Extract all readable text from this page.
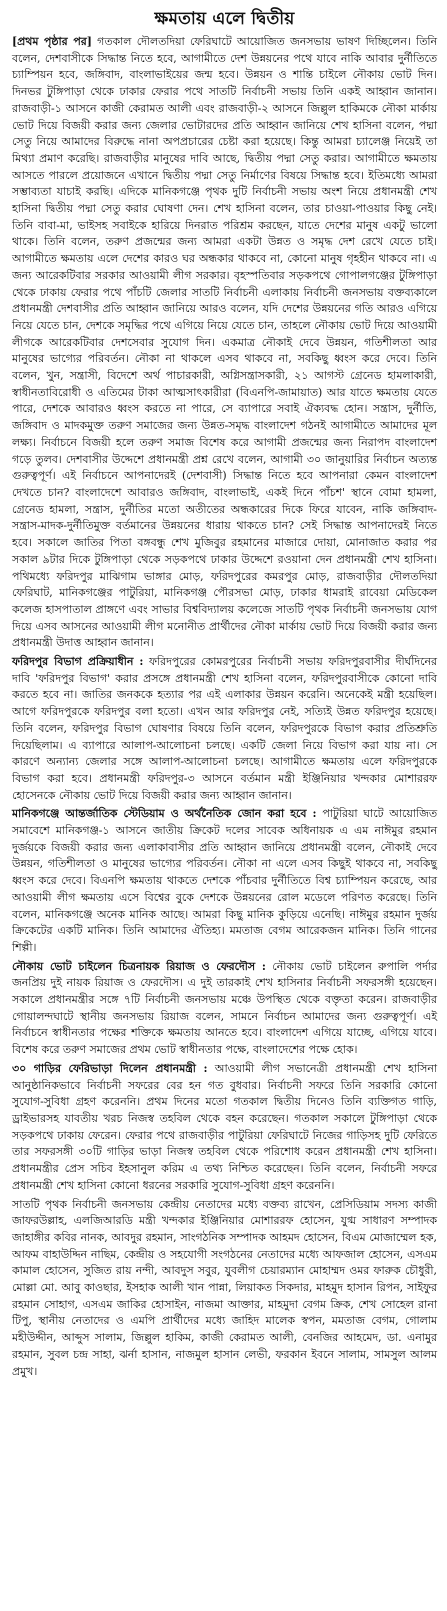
ক্ষমতায় এলে দ্বিতীয়

[প্রথম পৃষ্ঠার পর] গতকাল দৌলতদিয়া ফেরিঘাটে আয়োজিত জনসভায় ভাষণ দিচ্ছিলেন। তিনি বলেন, দেশবাসীকে সিদ্ধান্ত নিতে হবে, আগামীতে দেশ উন্নয়নের পথে যাবে নাকি আবার দুর্নীতিতে চ্যাম্পিয়ন হবে, জঙ্গিবাদ, বাংলাভাইয়ের জন্ম হবে। উন্নয়ন ও শান্তি চাইলে নৌকায় ভোট দিন। দিনভর টুঙ্গিপাড়া থেকে ঢাকার ফেরার পথে সাতটি নির্বাচনী সভায় তিনি একই আহ্বান জানান। রাজবাড়ী-১ আসনে কাজী কেরামত আলী এবং রাজবাড়ী-২ আসনে জিল্লুল হাকিমকে নৌকা মার্কায় ভোট দিয়ে বিজয়ী করার জন্য জেলার ভোটারদের প্রতি আহ্বান জানিয়ে শেখ হাসিনা বলেন, পদ্মা সেতু নিয়ে আমাদের বিরুদ্ধে নানা অপপ্রচারের চেষ্টা করা হয়েছে। কিন্তু আমরা চ্যালেঞ্জ নিয়েই তা মিথ্যা প্রমাণ করেছি। রাজবাড়ীর মানুষের দাবি আছে, দ্বিতীয় পদ্মা সেতু করার। আগামীতে ক্ষমতায় আসতে পারলে প্রয়োজনে এখানে দ্বিতীয় পদ্মা সেতু নির্মাণের বিষয়ে সিদ্ধান্ত হবে। ইতিমধ্যে আমরা সম্ভাব্যতা যাচাই করছি। এদিকে মানিকগঞ্জে পৃথক দুটি নির্বাচনী সভায় অংশ নিয়ে প্রধানমন্ত্রী শেখ হাসিনা দ্বিতীয় পদ্মা সেতু করার ঘোষণা দেন। শেখ হাসিনা বলেন, তার চাওয়া-পাওয়ার কিছু নেই। তিনি বাবা-মা, ভাইসহ সবাইকে হারিয়ে দিনরাত পরিশ্রম করছেন, যাতে দেশের মানুষ একটু ভালো থাকে। তিনি বলেন, তরুণ প্রজন্মের জন্য আমরা একটা উন্নত ও সমৃদ্ধ দেশ রেখে যেতে চাই। আগামীতে ক্ষমতায় এলে দেশের কারও ঘর অন্ধকার থাকবে না, কোনো মানুষ গৃহহীন থাকবে না। এ জন্য আরেকটিবার সরকার আওয়ামী লীগ সরকার। বৃহস্পতিবার সড়কপথে গোপালগঞ্জের টুঙ্গিপাড়া থেকে ঢাকায় ফেরার পথে পাঁচটি জেলার সাতটি নির্বাচনী এলাকায় নির্বাচনী জনসভায় বক্তব্যকালে প্রধানমন্ত্রী দেশবাসীর প্রতি আহ্বান জানিয়ে আরও বলেন, যদি দেশের উন্নয়নের গতি আরও এগিয়ে নিয়ে যেতে চান, দেশকে সমৃদ্ধির পথে এগিয়ে নিয়ে যেতে চান, তাহলে নৌকায় ভোট দিয়ে আওয়ামী লীগকে আরেকটিবার দেশসেবার সুযোগ দিন। একমাত্র নৌকাই দেবে উন্নয়ন, গতিশীলতা আর মানুষের ভাগ্যের পরিবর্তন। নৌকা না থাকলে এসব থাকবে না, সবকিছু ধ্বংস করে দেবে। তিনি বলেন, খুন, সন্ত্রাসী, বিদেশে অর্থ পাচারকারী, অগ্নিসন্ত্রাসকারী, ২১ আগস্ট গ্রেনেড হামলাকারী, স্বাধীনতাবিরোধী ও এতিমের টাকা আত্মসাৎকারীরা (বিএনপি-জামায়াত) আর যাতে ক্ষমতায় যেতে পারে, দেশকে আবারও ধ্বংস করতে না পারে, সে ব্যাপারে সবাই ঐক্যবদ্ধ হোন। সন্ত্রাস, দুর্নীতি, জঙ্গিবাদ ও মাদকমুক্ত তরুণ সমাজের জন্য উন্নত-সমৃদ্ধ বাংলাদেশ গঠনই আগামীতে আমাদের মূল লক্ষ্য। নির্বাচনে বিজয়ী হলে তরুণ সমাজ বিশেষ করে আগামী প্রজন্মের জন্য নিরাপদ বাংলাদেশ গড়ে তুলব। দেশবাসীর উদ্দেশে প্রধানমন্ত্রী প্রশ্ন রেখে বলেন, আগামী ৩০ জানুয়ারির নির্বাচন অত্যন্ত গুরুত্বপূর্ণ। এই নির্বাচনে আপনাদেরই (দেশবাসী) সিদ্ধান্ত নিতে হবে আপনারা কেমন বাংলাদেশ দেখতে চান? বাংলাদেশে আবারও জঙ্গিবাদ, বাংলাভাই, একই দিনে পাঁচশ' স্থানে বোমা হামলা, গ্রেনেড হামলা, সন্ত্রাস, দুর্নীতির মতো অতীতের অন্ধকারের দিকে ফিরে যাবেন, নাকি জঙ্গিবাদ-সন্ত্রাস-মাদক-দুর্নীতিমুক্ত বর্তমানের উন্নয়নের ধারায় থাকতে চান? সেই সিদ্ধান্ত আপনাদেরই নিতে হবে। সকালে জাতির পিতা বঙ্গবন্ধু শেখ মুজিবুর রহমানের মাজারে দোয়া, মোনাজাত করার পর সকাল ৯টার দিকে টুঙ্গিপাড়া থেকে সড়কপথে ঢাকার উদ্দেশে রওয়ানা দেন প্রধানমন্ত্রী শেখ হাসিনা। পথিমধ্যে ফরিদপুর মাঝিগাম ভাঙ্গার মোড়, ফরিদপুরের কমরপুর মোড়, রাজবাড়ীর দৌলতদিয়া ফেরিঘাট, মানিকগঞ্জের পাটুরিয়া, মানিকগঞ্জ পৌরসভা মোড়, ঢাকার ধামরাই রাবেয়া মেডিকেল কলেজ হাসপাতাল প্রাঙ্গণে এবং সাভার বিশ্ববিদ্যালয় কলেজে সাতটি পৃথক নির্বাচনী জনসভায় যোগ দিয়ে এসব আসনের আওয়ামী লীগ মনোনীত প্রার্থীদের নৌকা মার্কায় ভোট দিয়ে বিজয়ী করার জন্য প্রধানমন্ত্রী উদাত্ত আহ্বান জানান।

ফরিদপুর বিভাগ প্রক্রিয়াধীন : ফরিদপুরের কোমরপুরের নির্বাচনী সভায় ফরিদপুরবাসীর দীর্ঘদিনের দাবি 'ফরিদপুর বিভাগ' করার প্রসঙ্গে প্রধানমন্ত্রী শেখ হাসিনা বলেন, ফরিদপুরবাসীকে কোনো দাবি করতে হবে না। জাতির জনককে হত্যার পর এই এলাকার উন্নয়ন করেনি। অনেকেই মন্ত্রী হয়েছিল। আগে ফরিদপুরকে ফরিদপুর বলা হতো। এখন আর ফরিদপুর নেই, সত্যিই উন্নত ফরিদপুর হয়েছে। তিনি বলেন, ফরিদপুর বিভাগ ঘোষণার বিষয়ে তিনি বলেন, ফরিদপুরকে বিভাগ করার প্রতিশ্রুতি দিয়েছিলাম। এ ব্যাপারে আলাপ-আলোচনা চলছে। একটি জেলা নিয়ে বিভাগ করা যায় না। সে কারণে অন্যান্য জেলার সঙ্গে আলাপ-আলোচনা চলছে। আগামীতে ক্ষমতায় এলে ফরিদপুরকে বিভাগ করা হবে। প্রধানমন্ত্রী ফরিদপুর-৩ আসনে বর্তমান মন্ত্রী ইঞ্জিনিয়ার খন্দকার মোশাররফ হোসেনকে নৌকায় ভোট দিয়ে বিজয়ী করার জন্য আহ্বান জানান।

মানিকগঞ্জে আন্তর্জাতিক স্টেডিয়াম ও অর্থনৈতিক জোন করা হবে : পাটুরিয়া ঘাটে আয়োজিত সমাবেশে মানিকগঞ্জ-১ আসনে জাতীয় ক্রিকেট দলের সাবেক অধিনায়ক এ এম নাঈমুর রহমান দুর্জয়কে বিজয়ী করার জন্য এলাকাবাসীর প্রতি আহ্বান জানিয়ে প্রধানমন্ত্রী বলেন, নৌকাই দেবে উন্নয়ন, গতিশীলতা ও মানুষের ভাগ্যের পরিবর্তন। নৌকা না এলে এসব কিছুই থাকবে না, সবকিছু ধ্বংস করে দেবে। বিএনপি ক্ষমতায় থাকতে দেশকে পাঁচবার দুর্নীতিতে বিশ্ব চ্যাম্পিয়ন করেছে, আর আওয়ামী লীগ ক্ষমতায় এসে বিশ্বের বুকে দেশকে উন্নয়নের রোল মডেলে পরিণত করেছে। তিনি বলেন, মানিকগঞ্জে অনেক মানিক আছে। আমরা কিছু মানিক কুড়িয়ে এনেছি। নাঈমুর রহমান দুর্জয় ক্রিকেটের একটি মানিক। তিনি আমাদের ঐতিহ্য। মমতাজ বেগম আরেকজন মানিক। তিনি গানের শিল্পী।

নৌকায় ভোট চাইলেন চিত্রনায়ক রিয়াজ ও ফেরদৌস : নৌকায় ভোট চাইলেন রুপালি পর্দার জনপ্রিয় দুই নায়ক রিয়াজ ও ফেরদৌস। এ দুই তারকাই শেখ হাসিনার নির্বাচনী সফরসঙ্গী হয়েছেন। সকালে প্রধানমন্ত্রীর সঙ্গে ৭টি নির্বাচনী জনসভায় মঞ্চে উপস্থিত থেকে বক্তৃতা করেন। রাজবাড়ীর গোয়ালন্দঘাটে স্থানীয় জনসভায় রিয়াজ বলেন, সামনে নির্বাচন আমাদের জন্য গুরুত্বপূর্ণ। এই নির্বাচনে স্বাধীনতার পক্ষের শক্তিকে ক্ষমতায় আনতে হবে। বাংলাদেশ এগিয়ে যাচ্ছে, এগিয়ে যাবে। বিশেষ করে তরুণ সমাজের প্রথম ভোট স্বাধীনতার পক্ষে, বাংলাদেশের পক্ষে হোক।

৩০ গাড়ির ফেরিভাড়া দিলেন প্রধানমন্ত্রী : আওয়ামী লীগ সভানেত্রী প্রধানমন্ত্রী শেখ হাসিনা আনুষ্ঠানিকভাবে নির্বাচনী সফরের বের হন গত বুধবার। নির্বাচনী সফরে তিনি সরকারি কোনো সুযোগ-সুবিধা গ্রহণ করেননি। প্রথম দিনের মতো গতকাল দ্বিতীয় দিনেও তিনি ব্যক্তিগত গাড়ি, ড্রাইভারসহ যাবতীয় খরচ নিজস্ব তহবিল থেকে বহন করেছেন। গতকাল সকালে টুঙ্গিপাড়া থেকে সড়কপথে ঢাকায় ফেরেন। ফেরার পথে রাজবাড়ীর পাটুরিয়া ফেরিঘাটে নিজের গাড়িসহ দুটি ফেরিতে তার সফরসঙ্গী ৩০টি গাড়ির ভাড়া নিজস্ব তহবিল থেকে পরিশোধ করেন প্রধানমন্ত্রী শেখ হাসিনা। প্রধানমন্ত্রীর প্রেস সচিব ইহসানুল করিম এ তথ্য নিশ্চিত করেছেন। তিনি বলেন, নির্বাচনী সফরে প্রধানমন্ত্রী শেখ হাসিনা কোনো ধরনের সরকারি সুযোগ-সুবিধা গ্রহণ করেননি।

সাতটি পৃথক নির্বাচনী জনসভায় কেন্দ্রীয় নেতাদের মধ্যে বক্তব্য রাখেন, প্রেসিডিয়াম সদস্য কাজী জাফরউল্লাহ, এলজিআরডি মন্ত্রী খন্দকার ইঞ্জিনিয়ার মোশাররফ হোসেন, যুগ্ম সাধারণ সম্পাদক জাহাঙ্গীর কবির নানক, আবদুর রহমান, সাংগঠনিক সম্পাদক আহমদ হোসেন, বিএম মোজাম্মেল হক, আফম বাহাউদ্দিন নাছিম, কেন্দ্রীয় ও সহযোগী সংগঠনের নেতাদের মধ্যে আফজাল হোসেন, এসএম কামাল হোসেন, সুজিত রায় নন্দী, আবদুস সবুর, যুবলীগ চেয়ারম্যান মোহাম্মদ ওমর ফারুক চৌধুরী, মোল্লা মো. আবু কাওছার, ইসহাক আলী খান পান্না, লিয়াকত সিকদার, মাহমুদ হাসান রিপন, সাইফুর রহমান সোহাগ, এসএম জাকির হোসাইন, নাজমা আক্তার, মাহমুদা বেগম ক্রিক, শেখ সোহেল রানা টিপু, স্থানীয় নেতাদের ও এমপি প্রার্থীদের মধ্যে জাহিদ মালেক স্বপন, মমতাজ বেগম, গোলাম মহীউদ্দীন, আব্দুস সালাম, জিল্লুল হাকিম, কাজী কেরামত আলী, বেনজির আহমেদ, ডা. এনামুর রহমান, সুবল চন্দ্র সাহা, ঝর্না হাসান, নাজমুল হাসান লেভী, ফরকান ইবনে সালাম, সামসুল আলম প্রমুখ।
